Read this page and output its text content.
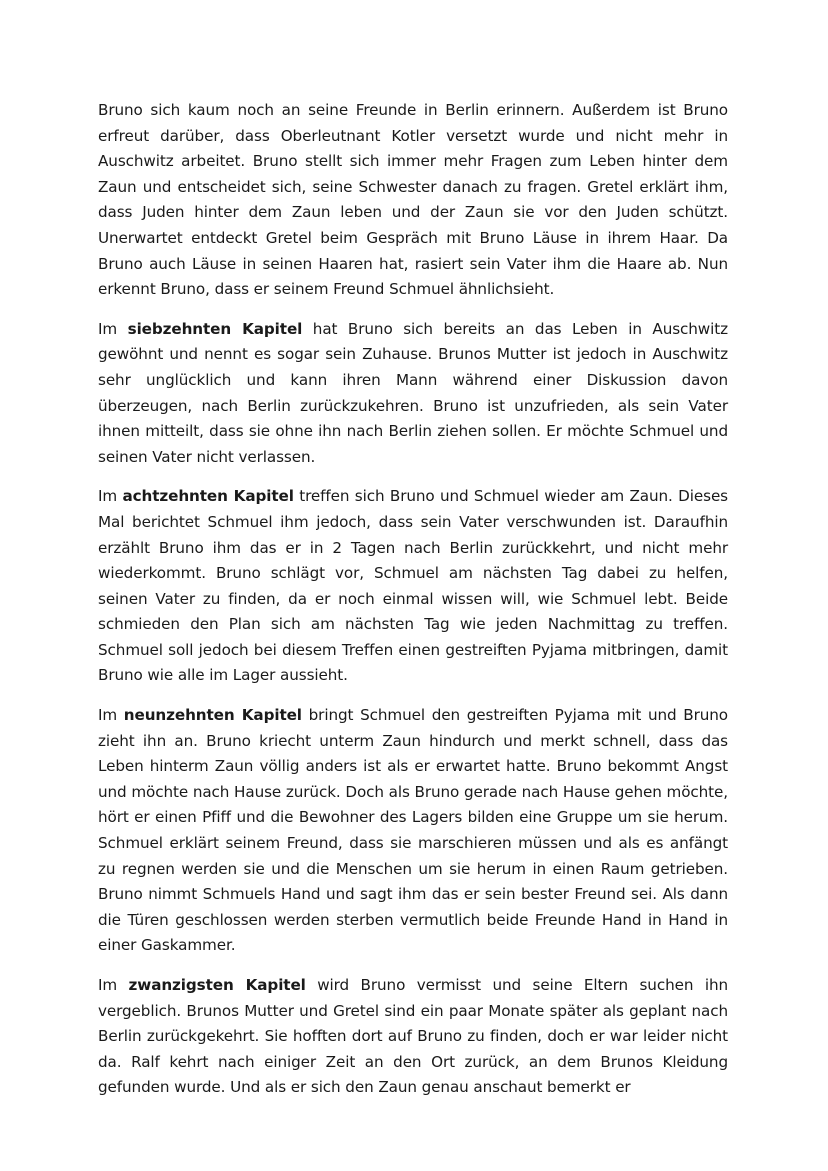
Bruno sich kaum noch an seine Freunde in Berlin erinnern. Außerdem ist Bruno erfreut darüber, dass Oberleutnant Kotler versetzt wurde und nicht mehr in Auschwitz arbeitet. Bruno stellt sich immer mehr Fragen zum Leben hinter dem Zaun und entscheidet sich, seine Schwester danach zu fragen. Gretel erklärt ihm, dass Juden hinter dem Zaun leben und der Zaun sie vor den Juden schützt. Unerwartet entdeckt Gretel beim Gespräch mit Bruno Läuse in ihrem Haar. Da Bruno auch Läuse in seinen Haaren hat, rasiert sein Vater ihm die Haare ab. Nun erkennt Bruno, dass er seinem Freund Schmuel ähnlichsieht.

Im siebzehnten Kapitel hat Bruno sich bereits an das Leben in Auschwitz gewöhnt und nennt es sogar sein Zuhause. Brunos Mutter ist jedoch in Auschwitz sehr unglücklich und kann ihren Mann während einer Diskussion davon überzeugen, nach Berlin zurückzukehren. Bruno ist unzufrieden, als sein Vater ihnen mitteilt, dass sie ohne ihn nach Berlin ziehen sollen. Er möchte Schmuel und seinen Vater nicht verlassen.

Im achtzehnten Kapitel treffen sich Bruno und Schmuel wieder am Zaun. Dieses Mal berichtet Schmuel ihm jedoch, dass sein Vater verschwunden ist. Daraufhin erzählt Bruno ihm das er in 2 Tagen nach Berlin zurückkehrt, und nicht mehr wiederkommt. Bruno schlägt vor, Schmuel am nächsten Tag dabei zu helfen, seinen Vater zu finden, da er noch einmal wissen will, wie Schmuel lebt. Beide schmieden den Plan sich am nächsten Tag wie jeden Nachmittag zu treffen. Schmuel soll jedoch bei diesem Treffen einen gestreiften Pyjama mitbringen, damit Bruno wie alle im Lager aussieht.

Im neunzehnten Kapitel bringt Schmuel den gestreiften Pyjama mit und Bruno zieht ihn an. Bruno kriecht unterm Zaun hindurch und merkt schnell, dass das Leben hinterm Zaun völlig anders ist als er erwartet hatte. Bruno bekommt Angst und möchte nach Hause zurück. Doch als Bruno gerade nach Hause gehen möchte, hört er einen Pfiff und die Bewohner des Lagers bilden eine Gruppe um sie herum. Schmuel erklärt seinem Freund, dass sie marschieren müssen und als es anfängt zu regnen werden sie und die Menschen um sie herum in einen Raum getrieben. Bruno nimmt Schmuels Hand und sagt ihm das er sein bester Freund sei. Als dann die Türen geschlossen werden sterben vermutlich beide Freunde Hand in Hand in einer Gaskammer.

Im zwanzigsten Kapitel wird Bruno vermisst und seine Eltern suchen ihn vergeblich. Brunos Mutter und Gretel sind ein paar Monate später als geplant nach Berlin zurückgekehrt. Sie hofften dort auf Bruno zu finden, doch er war leider nicht da. Ralf kehrt nach einiger Zeit an den Ort zurück, an dem Brunos Kleidung gefunden wurde. Und als er sich den Zaun genau anschaut bemerkt er
